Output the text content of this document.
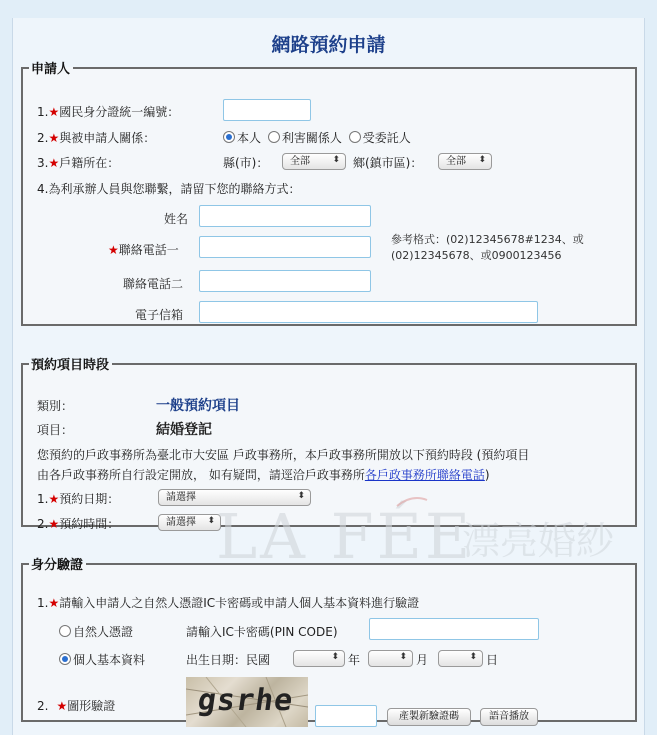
網路預約申請
申請人
1.★國民身分證統一編號：
2.★與被申請人關係：	本人 利害關係人 受委託人
3.★戶籍所在：	縣(市)：	全部 ⬍ 鄉(鎮市區)：	全部 ⬍
4.為利承辦人員與您聯繫，請留下您的聯絡方式：
姓名
★聯絡電話一
參考格式：(02)12345678#1234、或
(02)12345678、或0900123456
聯絡電話二
電子信箱
預約項目時段
類別：	一般預約項目
項目：	結婚登記
您預約的戶政事務所為臺北市大安區 戶政事務所，本戶政事務所開放以下預約時段 (預約項目
由各戶政事務所自行設定開放， 如有疑問，請逕洽戶政事務所各戶政事務所聯絡電話)
1.★預約日期：	請選擇	⬍
2.★預約時間：	請選擇 ⬍
身分驗證
1.★請輸入申請人之自然人憑證IC卡密碼或申請人個人基本資料進行驗證
自然人憑證	請輸入IC卡密碼(PIN CODE)
個人基本資料	出生日期：民國	⬍ 年	⬍ 月	⬍ 日
2. ★圖形驗證	gsrhe	產製新驗證碼	語音播放
LA FÉE
漂亮婚紗
